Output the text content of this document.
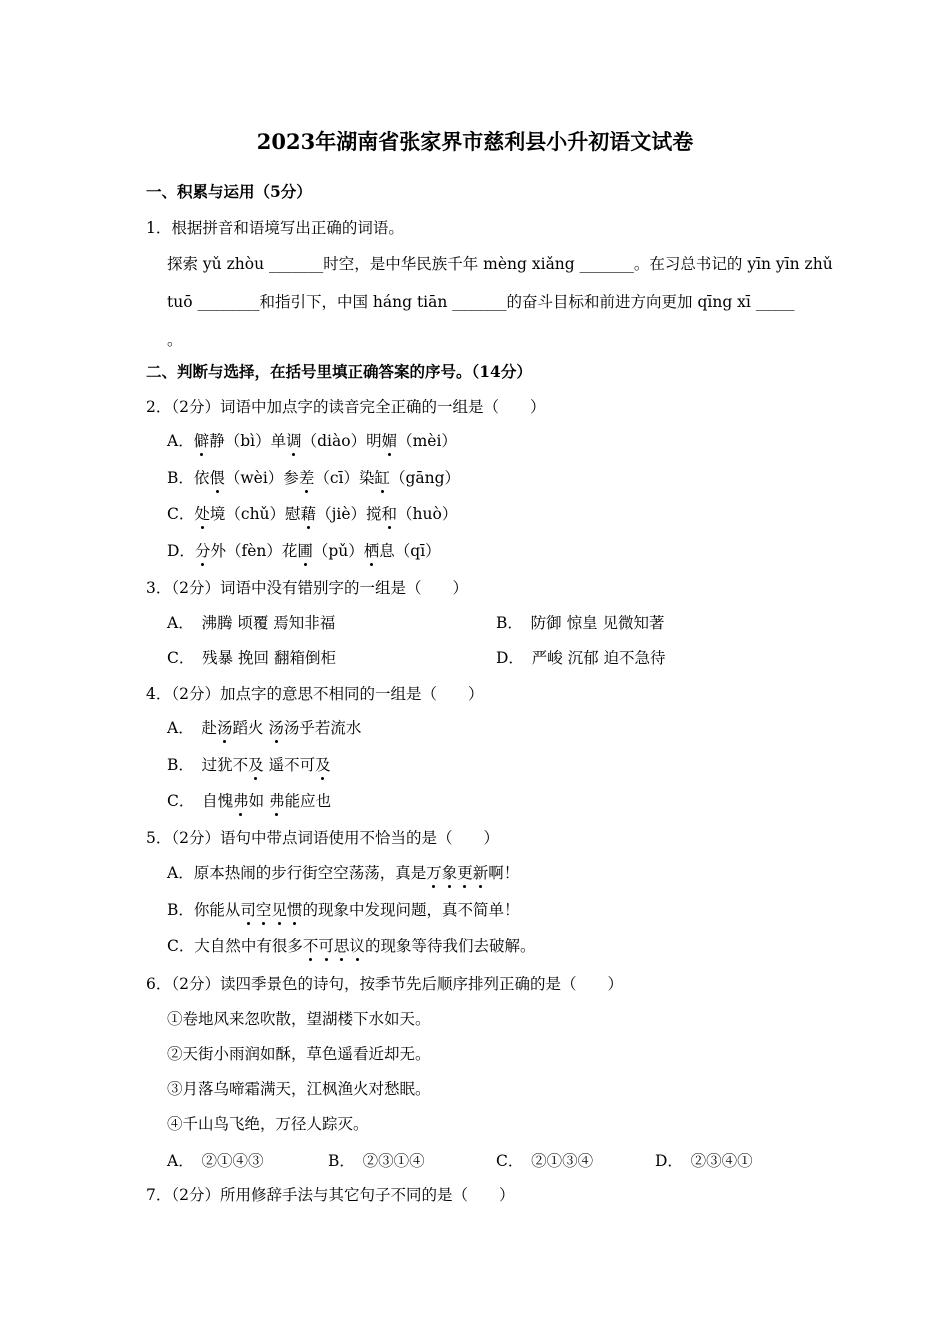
2023年湖南省张家界市慈利县小升初语文试卷
一、积累与运用（5分）
1．根据拼音和语境写出正确的词语。
探索 yǔ zhòu _______时空，是中华民族千年 mèng xiǎng _______。在习总书记的 yīn yīn zhǔ
tuō ________和指引下，中国 háng tiān _______的奋斗目标和前进方向更加 qīng xī _____
。
二、判断与选择，在括号里填正确答案的序号。（14分）
2．（2分）词语中加点字的读音完全正确的一组是（　　）
A．僻静（bì）单调（diào）明媚（mèi）
B．依偎（wèi）参差（cī）染缸（gāng）
C．处境（chǔ）慰藉（jiè）搅和（huò）
D．分外（fèn）花圃（pǔ）栖息（qī）
3．（2分）词语中没有错别字的一组是（　　）
A．　沸腾 顷覆 焉知非福	B．　防御 惊皇 见微知著
C．　残暴 挽回 翻箱倒柜	D．　严峻 沉郁 迫不急待
4．（2分）加点字的意思不相同的一组是（　　）
A．　赴汤蹈火 汤汤乎若流水
B．　过犹不及 遥不可及
C．　自愧弗如 弗能应也
5．（2分）语句中带点词语使用不恰当的是（　　）
A．原本热闹的步行街空空荡荡，真是万象更新啊！
B．你能从司空见惯的现象中发现问题，真不简单！
C．大自然中有很多不可思议的现象等待我们去破解。
6．（2分）读四季景色的诗句，按季节先后顺序排列正确的是（　　）
①卷地风来忽吹散，望湖楼下水如天。
②天街小雨润如酥，草色遥看近却无。
③月落乌啼霜满天，江枫渔火对愁眠。
④千山鸟飞绝，万径人踪灭。
A．　②①④③	B．　②③①④	C．　②①③④	D．　②③④①
7．（2分）所用修辞手法与其它句子不同的是（　　）
